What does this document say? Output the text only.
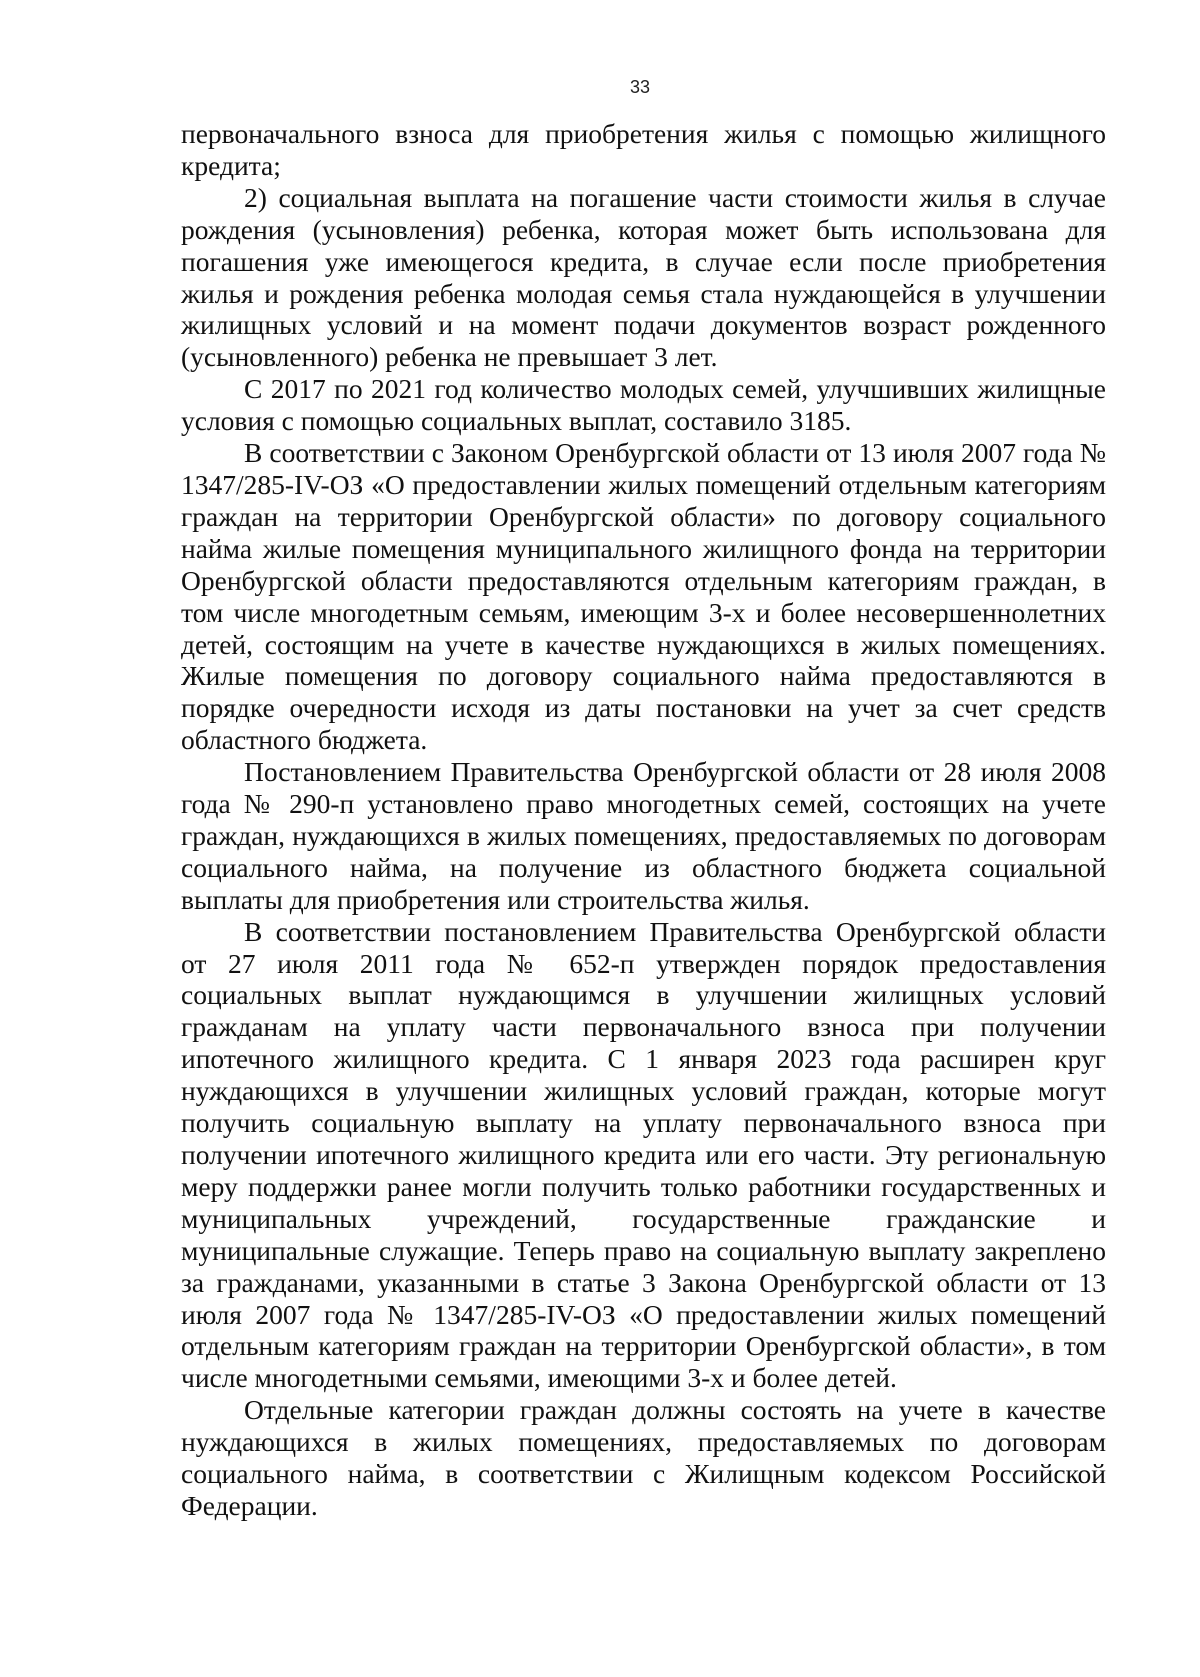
33

первоначального взноса для приобретения жилья с помощью жилищного кредита;

2) социальная выплата на погашение части стоимости жилья в случае рождения (усыновления) ребенка, которая может быть использована для погашения уже имеющегося кредита, в случае если после приобретения жилья и рождения ребенка молодая семья стала нуждающейся в улучшении жилищных условий и на момент подачи документов возраст рожденного (усыновленного) ребенка не превышает 3 лет.

С 2017 по 2021 год количество молодых семей, улучшивших жилищные условия с помощью социальных выплат, составило 3185.

В соответствии с Законом Оренбургской области от 13 июля 2007 года № 1347/285-IV-ОЗ «О предоставлении жилых помещений отдельным категориям граждан на территории Оренбургской области» по договору социального найма жилые помещения муниципального жилищного фонда на территории Оренбургской области предоставляются отдельным категориям граждан, в том числе многодетным семьям, имеющим 3-х и более несовершеннолетних детей, состоящим на учете в качестве нуждающихся в жилых помещениях. Жилые помещения по договору социального найма предоставляются в порядке очередности исходя из даты постановки на учет за счет средств областного бюджета.

Постановлением Правительства Оренбургской области от 28 июля 2008 года № 290-п установлено право многодетных семей, состоящих на учете граждан, нуждающихся в жилых помещениях, предоставляемых по договорам социального найма, на получение из областного бюджета социальной выплаты для приобретения или строительства жилья.

В соответствии постановлением Правительства Оренбургской области от 27 июля 2011 года № 652-п утвержден порядок предоставления социальных выплат нуждающимся в улучшении жилищных условий гражданам на уплату части первоначального взноса при получении ипотечного жилищного кредита. С 1 января 2023 года расширен круг нуждающихся в улучшении жилищных условий граждан, которые могут получить социальную выплату на уплату первоначального взноса при получении ипотечного жилищного кредита или его части. Эту региональную меру поддержки ранее могли получить только работники государственных и муниципальных учреждений, государственные гражданские и муниципальные служащие. Теперь право на социальную выплату закреплено за гражданами, указанными в статье 3 Закона Оренбургской области от 13 июля 2007 года № 1347/285-IV-ОЗ «О предоставлении жилых помещений отдельным категориям граждан на территории Оренбургской области», в том числе многодетными семьями, имеющими 3-х и более детей.

Отдельные категории граждан должны состоять на учете в качестве нуждающихся в жилых помещениях, предоставляемых по договорам социального найма, в соответствии с Жилищным кодексом Российской Федерации.
